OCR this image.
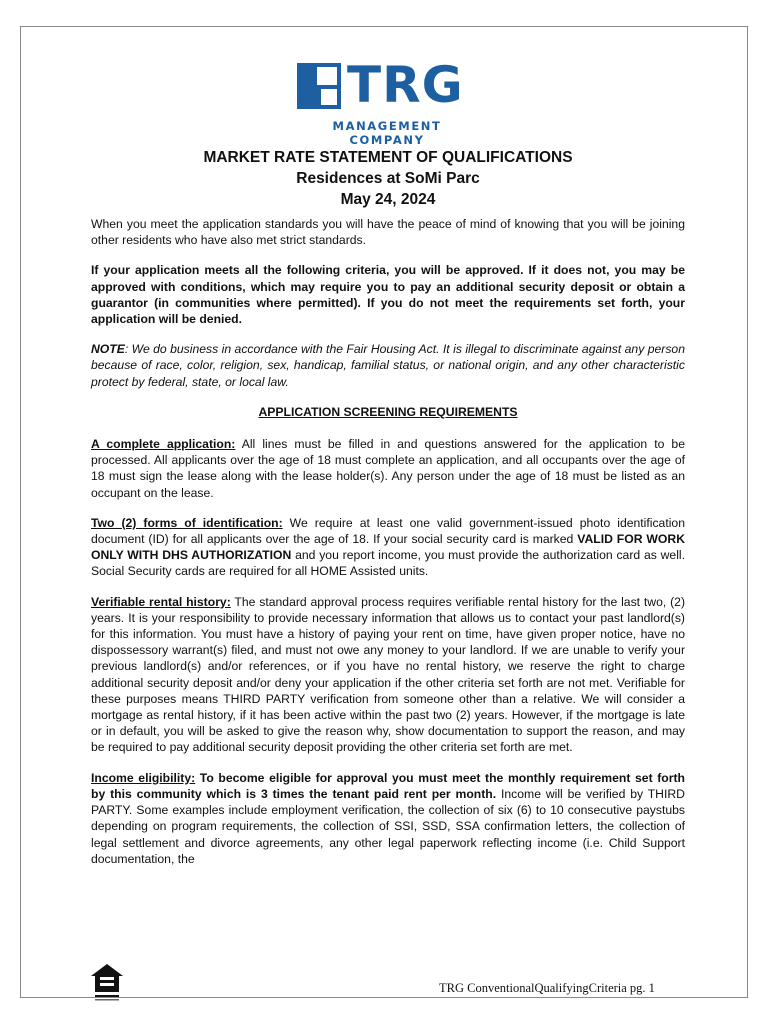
TRG
MANAGEMENT COMPANY
MARKET RATE STATEMENT OF QUALIFICATIONS
Residences at SoMi Parc
May 24, 2024

When you meet the application standards you will have the peace of mind of knowing that you will be joining other residents who have also met strict standards.

If your application meets all the following criteria, you will be approved. If it does not, you may be approved with conditions, which may require you to pay an additional security deposit or obtain a guarantor (in communities where permitted). If you do not meet the requirements set forth, your application will be denied.

NOTE: We do business in accordance with the Fair Housing Act. It is illegal to discriminate against any person because of race, color, religion, sex, handicap, familial status, or national origin, and any other characteristic protect by federal, state, or local law.

APPLICATION SCREENING REQUIREMENTS

A complete application: All lines must be filled in and questions answered for the application to be processed. All applicants over the age of 18 must complete an application, and all occupants over the age of 18 must sign the lease along with the lease holder(s). Any person under the age of 18 must be listed as an occupant on the lease.

Two (2) forms of identification: We require at least one valid government-issued photo identification document (ID) for all applicants over the age of 18. If your social security card is marked VALID FOR WORK ONLY WITH DHS AUTHORIZATION and you report income, you must provide the authorization card as well. Social Security cards are required for all HOME Assisted units.

Verifiable rental history: The standard approval process requires verifiable rental history for the last two, (2) years. It is your responsibility to provide necessary information that allows us to contact your past landlord(s) for this information. You must have a history of paying your rent on time, have given proper notice, have no dispossessory warrant(s) filed, and must not owe any money to your landlord. If we are unable to verify your previous landlord(s) and/or references, or if you have no rental history, we reserve the right to charge additional security deposit and/or deny your application if the other criteria set forth are not met. Verifiable for these purposes means THIRD PARTY verification from someone other than a relative. We will consider a mortgage as rental history, if it has been active within the past two (2) years. However, if the mortgage is late or in default, you will be asked to give the reason why, show documentation to support the reason, and may be required to pay additional security deposit providing the other criteria set forth are met.

Income eligibility: To become eligible for approval you must meet the monthly requirement set forth by this community which is 3 times the tenant paid rent per month. Income will be verified by THIRD PARTY. Some examples include employment verification, the collection of six (6) to 10 consecutive paystubs depending on program requirements, the collection of SSI, SSD, SSA confirmation letters, the collection of legal settlement and divorce agreements, any other legal paperwork reflecting income (i.e. Child Support documentation, the

TRG ConventionalQualifyingCriteria pg. 1
